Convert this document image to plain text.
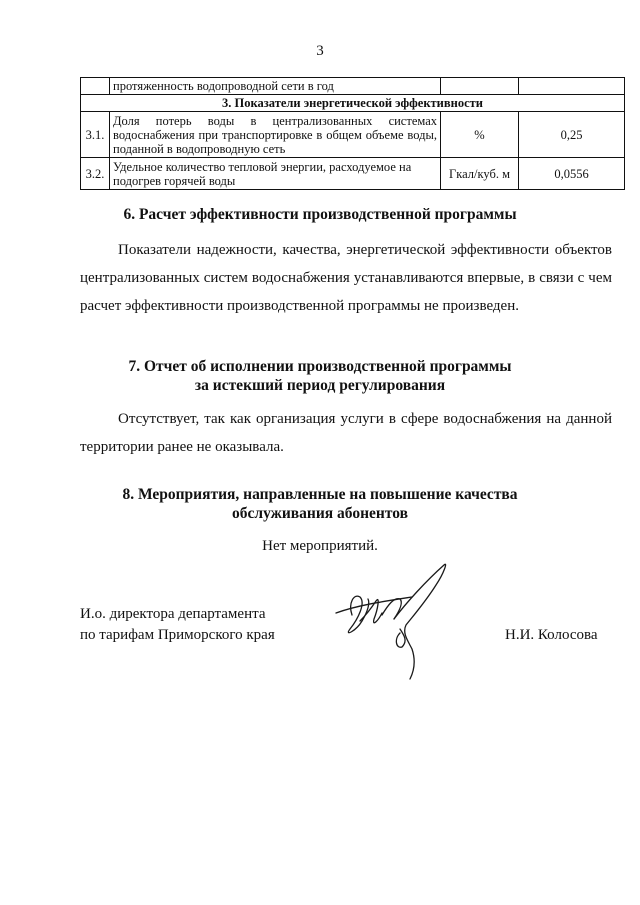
3
	протяженность водопроводной сети в год		
3. Показатели энергетической эффективности			
3.1.	Доля потерь воды в централизованных системах водоснабжения при транспортировке в общем объеме воды, поданной в водопроводную сеть	%	0,25
3.2.	Удельное количество тепловой энергии, расходуемое на подогрев горячей воды	Гкал/куб. м	0,0556
6. Расчет эффективности производственной программы

Показатели надежности, качества, энергетической эффективности объектов централизованных систем водоснабжения устанавливаются впервые, в связи с чем расчет эффективности производственной программы не произведен.

7. Отчет об исполнении производственной программы
за истекший период регулирования

Отсутствует, так как организация услуги в сфере водоснабжения на данной территории ранее не оказывала.

8. Мероприятия, направленные на повышение качества
обслуживания абонентов
Нет мероприятий.
И.о. директора департамента
по тарифам Приморского края	Н.И. Колосова
